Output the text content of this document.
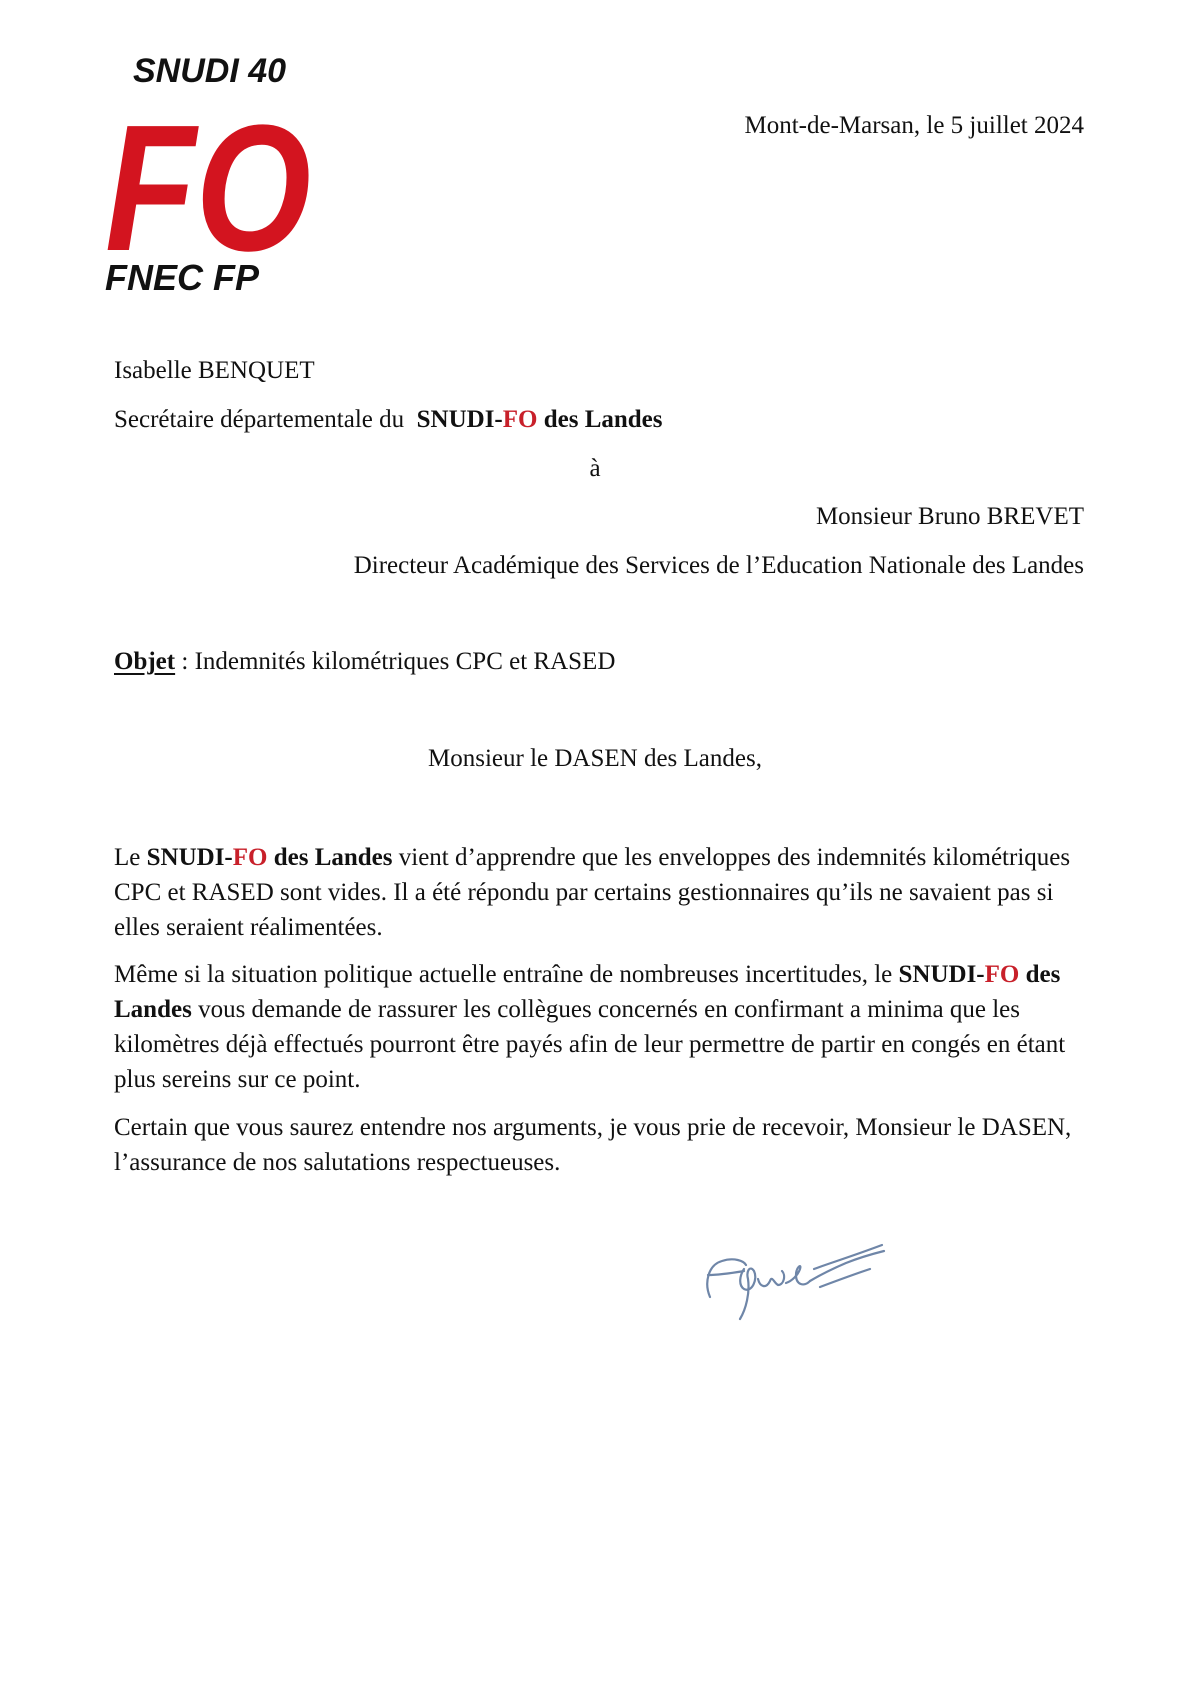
SNUDI 40
FO
FNEC FP
Mont-de-Marsan, le 5 juillet 2024
Isabelle BENQUET
Secrétaire départementale du  SNUDI-FO des Landes
à
Monsieur Bruno BREVET
Directeur Académique des Services de l’Education Nationale des Landes
Objet : Indemnités kilométriques CPC et RASED
Monsieur le DASEN des Landes,
Le SNUDI-FO des Landes vient d’apprendre que les enveloppes des indemnités kilométriques CPC et RASED sont vides. Il a été répondu par certains gestionnaires qu’ils ne savaient pas si elles seraient réalimentées.
Même si la situation politique actuelle entraîne de nombreuses incertitudes, le SNUDI-FO des Landes vous demande de rassurer les collègues concernés en confirmant a minima que les kilomètres déjà effectués pourront être payés afin de leur permettre de partir en congés en étant plus sereins sur ce point.
Certain que vous saurez entendre nos arguments, je vous prie de recevoir, Monsieur le DASEN, l’assurance de nos salutations respectueuses.
